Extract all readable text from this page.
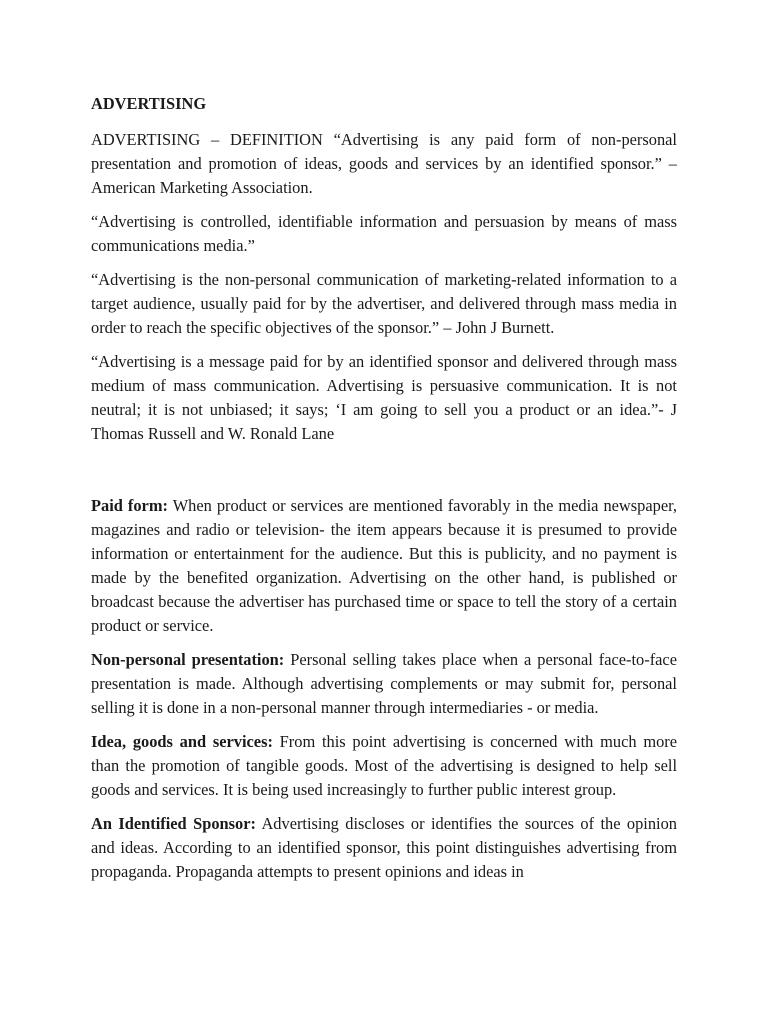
ADVERTISING

ADVERTISING – DEFINITION “Advertising is any paid form of non-personal presentation and promotion of ideas, goods and services by an identified sponsor.” – American Marketing Association.

“Advertising is controlled, identifiable information and persuasion by means of mass communications media.”

“Advertising is the non-personal communication of marketing-related information to a target audience, usually paid for by the advertiser, and delivered through mass media in order to reach the specific objectives of the sponsor.” – John J Burnett.

“Advertising is a message paid for by an identified sponsor and delivered through mass medium of mass communication. Advertising is persuasive communication. It is not neutral; it is not unbiased; it says; ‘I am going to sell you a product or an idea.”- J Thomas Russell and W. Ronald Lane

Paid form: When product or services are mentioned favorably in the media newspaper, magazines and radio or television- the item appears because it is presumed to provide information or entertainment for the audience. But this is publicity, and no payment is made by the benefited organization. Advertising on the other hand, is published or broadcast because the advertiser has purchased time or space to tell the story of a certain product or service.

Non-personal presentation: Personal selling takes place when a personal face-to-face presentation is made. Although advertising complements or may submit for, personal selling it is done in a non-personal manner through intermediaries - or media.

Idea, goods and services: From this point advertising is concerned with much more than the promotion of tangible goods. Most of the advertising is designed to help sell goods and services. It is being used increasingly to further public interest group.

An Identified Sponsor: Advertising discloses or identifies the sources of the opinion and ideas. According to an identified sponsor, this point distinguishes advertising from propaganda. Propaganda attempts to present opinions and ideas in
